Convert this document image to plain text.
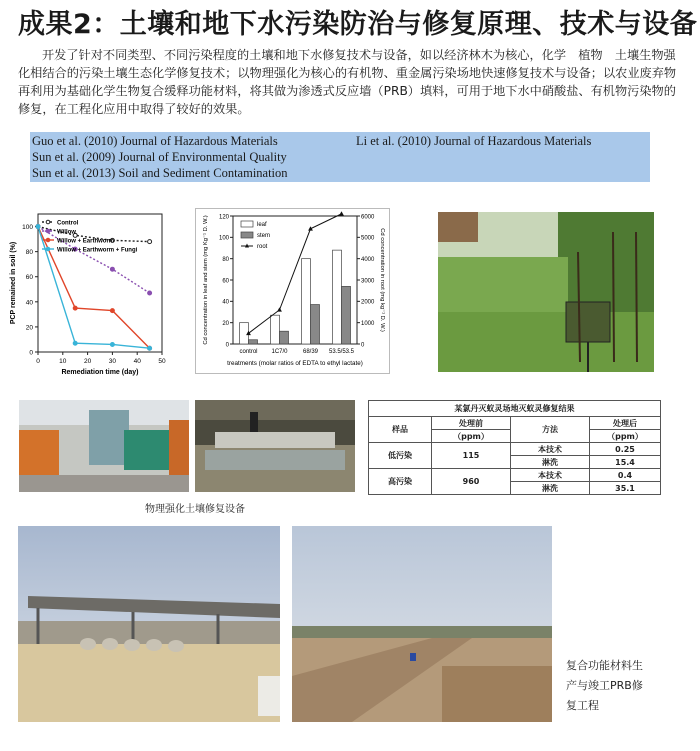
成果2：土壤和地下水污染防治与修复原理、技术与设备
开发了针对不同类型、不同污染程度的土壤和地下水修复技术与设备，如以经济林木为核心，化学　植物　土壤生物强化相结合的污染土壤生态化学修复技术；以物理强化为核心的有机物、重金属污染场地快速修复技术与设备；以农业废弃物再利用为基础化学生物复合缓释功能材料，将其做为渗透式反应墙（PRB）填料，可用于地下水中硝酸盐、有机物污染物的修复，在工程化应用中取得了较好的效果。
Guo et al. (2010) Journal of Hazardous Materials	Li et al. (2010) Journal of Hazardous Materials
Sun et al. (2009) Journal of Environmental Quality
Sun et al. (2013) Soil and Sediment Contamination
0	10	20	30	40	50
0
20
40
60
80
100
Remediation time (day)
PCP remained in soil (%)
Control
Willow
Willow + Earthworm
Willow + Earthworm + Fungi
0
20
40
60
80
100
120
0
1000
2000
3000
4000
5000
6000
control 1C7/0	68/39 53.5/53.5
leaf
stem
root
treatments (molar ratios of EDTA to ethyl lactate)
Cd concentration in leaf and stem (mg Kg⁻¹ D. W.)	Cd concentration in root (mg kg⁻¹ D. W.)
物理强化土壤修复设备
某氯丹灭蚁灵场地灭蚁灵修复结果			
样品	处理前	方法	处理后
	（ppm）		（ppm）
低污染	115	本技术	0.25
		淋洗	15.4
高污染	960	本技术	0.4
		淋洗	35.1
复合功能材料生产与竣工PRB修复工程
